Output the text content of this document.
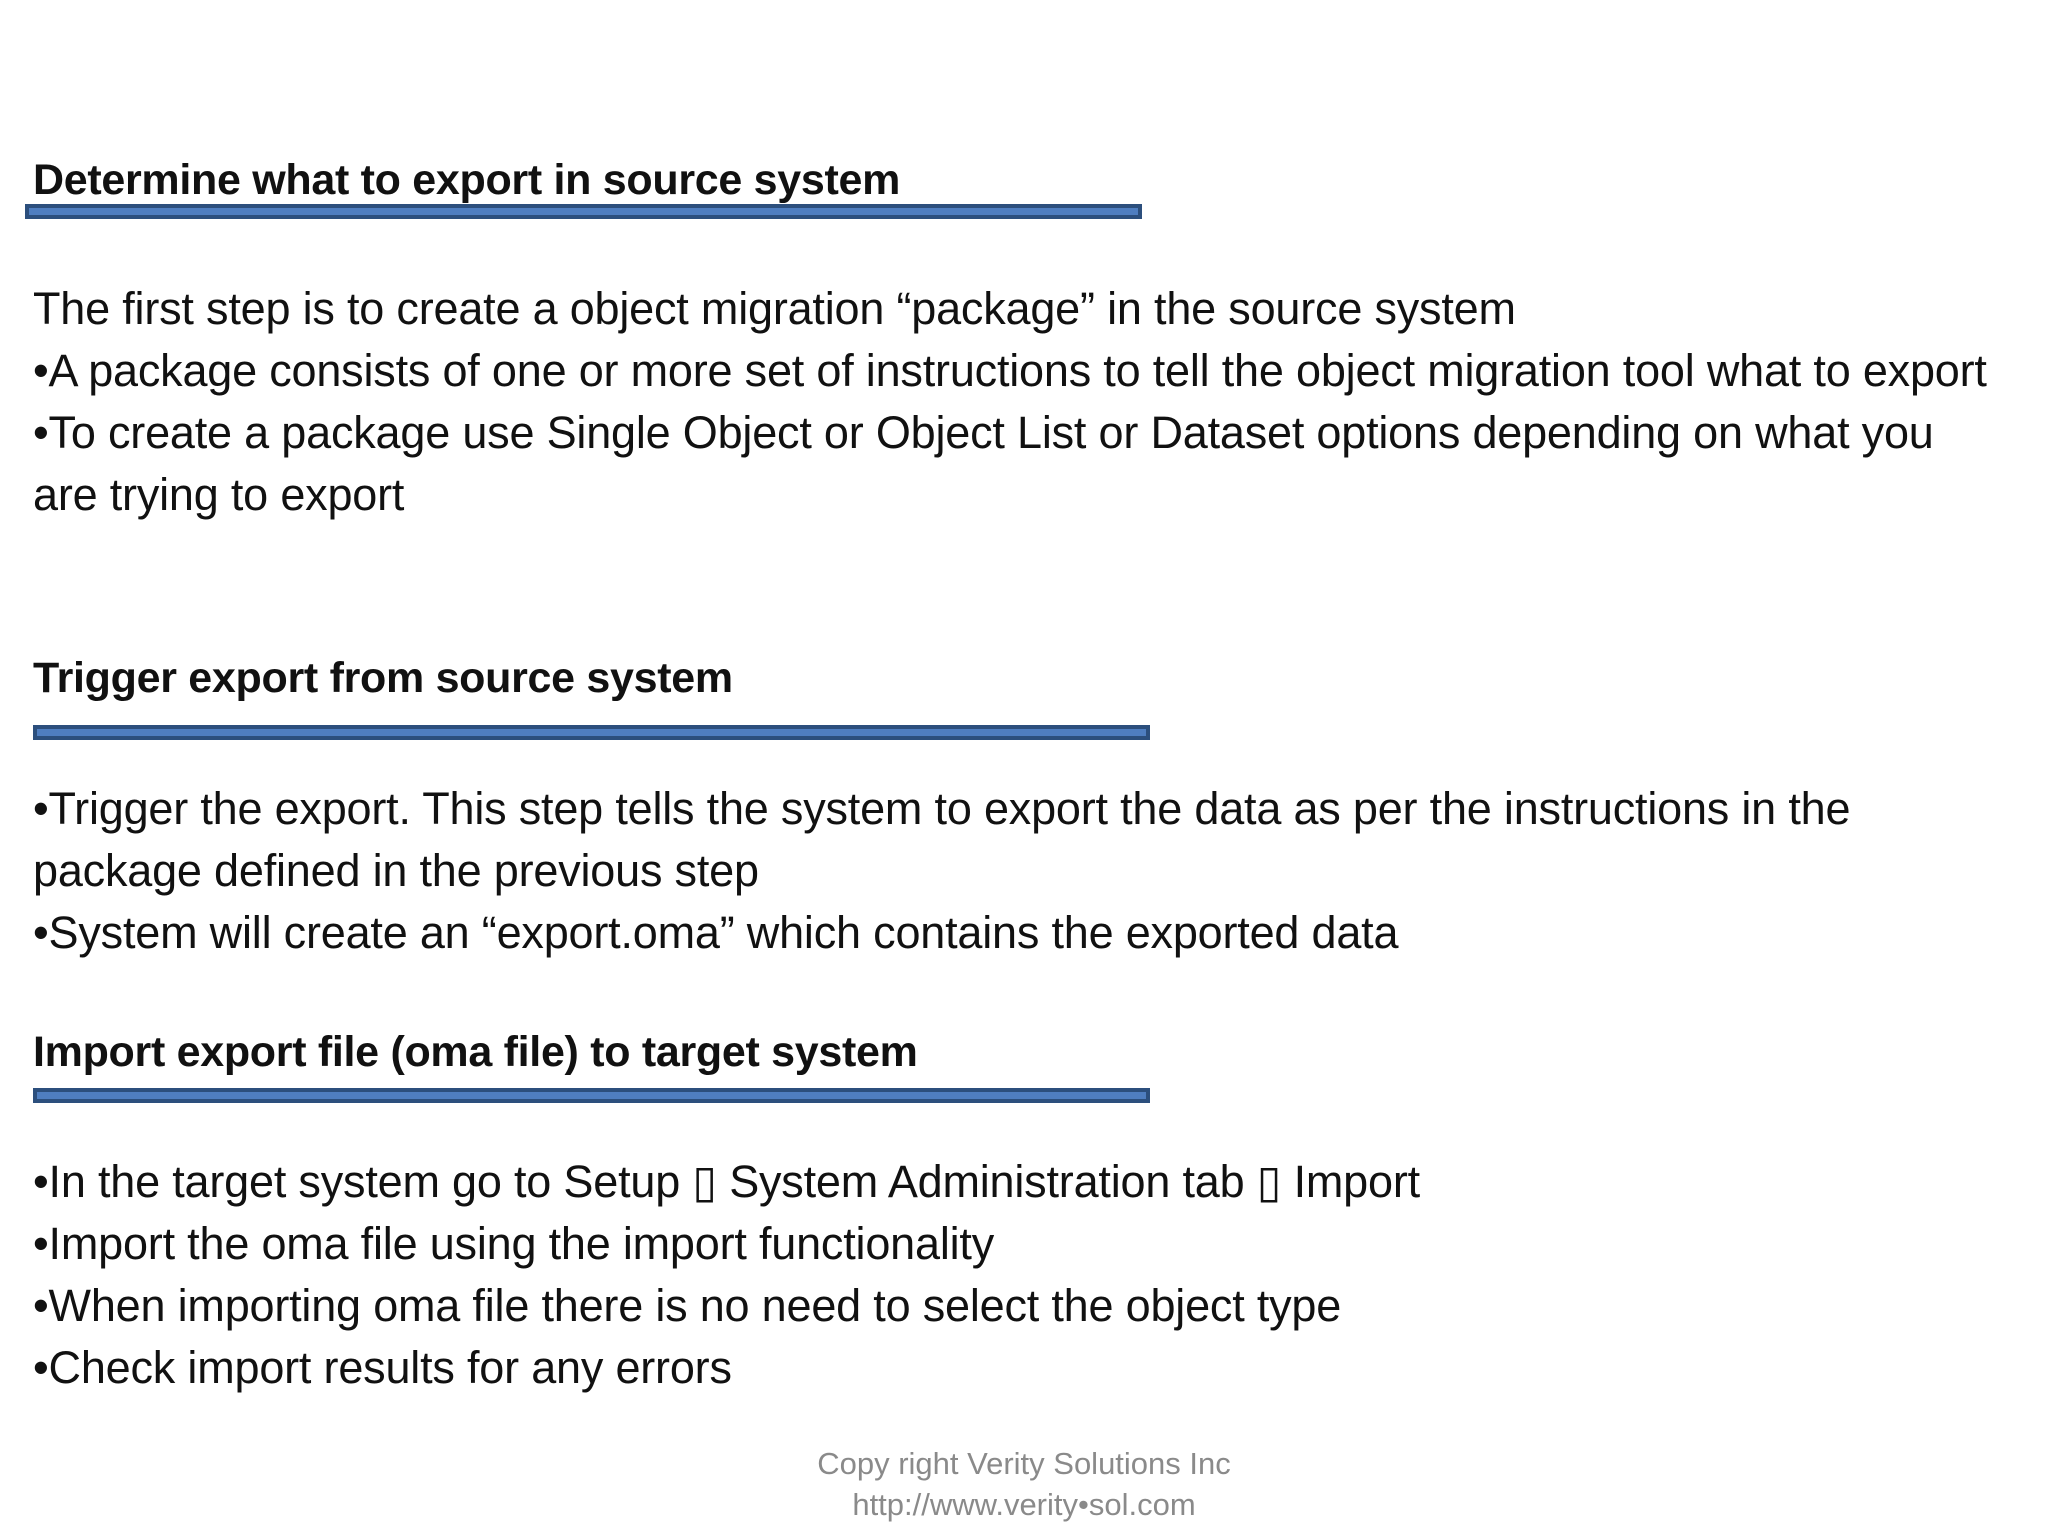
Determine what to export in source system

The first step is to create a object migration “package” in the source system

•A package consists of one or more set of instructions to tell the object migration tool what to export

•To create a package use Single Object or Object List or Dataset options depending on what you are trying to export

Trigger export from source system

•Trigger the export. This step tells the system to export the data as per the instructions in the package defined in the previous step

•System will create an “export.oma” which contains the exported data

Import export file (oma file) to target system

•In the target system go to Setup ▯ System Administration tab ▯ Import

•Import the oma file using the import functionality

•When importing oma file there is no need to select the object type

•Check import results for any errors

Copy right Verity Solutions Inc

http://www.verity•sol.com
